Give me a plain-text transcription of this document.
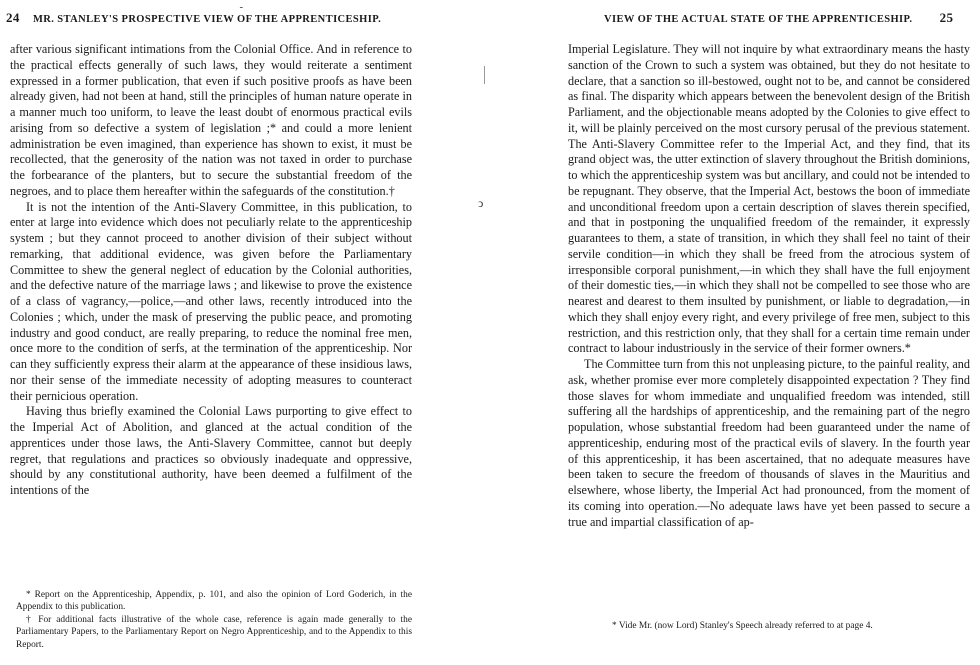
ـ
ↄ
24 MR. STANLEY'S PROSPECTIVE VIEW OF THE APPRENTICESHIP.

after various significant intimations from the Colonial Office. And in reference to the practical effects generally of such laws, they would reiterate a sentiment expressed in a former publication, that even if such positive proofs as have been already given, had not been at hand, still the principles of human nature operate in a manner much too uniform, to leave the least doubt of enormous practical evils arising from so defective a system of legislation ;* and could a more lenient administration be even imagined, than experience has shown to exist, it must be recollected, that the generosity of the nation was not taxed in order to purchase the forbearance of the planters, but to secure the substantial freedom of the negroes, and to place them hereafter within the safeguards of the constitution.†

It is not the intention of the Anti-Slavery Committee, in this publication, to enter at large into evidence which does not peculiarly relate to the apprenticeship system ; but they cannot proceed to another division of their subject without remarking, that additional evidence, was given before the Parliamentary Committee to shew the general neglect of education by the Colonial authorities, and the defective nature of the marriage laws ; and likewise to prove the existence of a class of vagrancy,—police,—and other laws, recently introduced into the Colonies ; which, under the mask of preserving the public peace, and promoting industry and good conduct, are really preparing, to reduce the nominal free men, once more to the condition of serfs, at the termination of the apprenticeship. Nor can they sufficiently express their alarm at the appearance of these insidious laws, nor their sense of the immediate necessity of adopting measures to counteract their pernicious operation.

Having thus briefly examined the Colonial Laws purporting to give effect to the Imperial Act of Abolition, and glanced at the actual condition of the apprentices under those laws, the Anti-Slavery Committee, cannot but deeply regret, that regulations and practices so obviously inadequate and oppressive, should by any constitutional authority, have been deemed a fulfilment of the intentions of the

* Report on the Apprenticeship, Appendix, p. 101, and also the opinion of Lord Goderich, in the Appendix to this publication.

† For additional facts illustrative of the whole case, reference is again made generally to the Parliamentary Papers, to the Parliamentary Report on Negro Apprenticeship, and to the Appendix to this Report.

VIEW OF THE ACTUAL STATE OF THE APPRENTICESHIP. 25

Imperial Legislature. They will not inquire by what extraordinary means the hasty sanction of the Crown to such a system was obtained, but they do not hesitate to declare, that a sanction so ill-bestowed, ought not to be, and cannot be considered as final. The disparity which appears between the benevolent design of the British Parliament, and the objectionable means adopted by the Colonies to give effect to it, will be plainly perceived on the most cursory perusal of the previous statement. The Anti-Slavery Committee refer to the Imperial Act, and they find, that its grand object was, the utter extinction of slavery throughout the British dominions, to which the apprenticeship system was but ancillary, and could not be intended to be repugnant. They observe, that the Imperial Act, bestows the boon of immediate and unconditional freedom upon a certain description of slaves therein specified, and that in postponing the unqualified freedom of the remainder, it expressly guarantees to them, a state of transition, in which they shall feel no taint of their servile condition—in which they shall be freed from the atrocious system of irresponsible corporal punishment,—in which they shall have the full enjoyment of their domestic ties,—in which they shall not be compelled to see those who are nearest and dearest to them insulted by punishment, or liable to degradation,—in which they shall enjoy every right, and every privilege of free men, subject to this restriction, and this restriction only, that they shall for a certain time remain under contract to labour industriously in the service of their former owners.*

The Committee turn from this not unpleasing picture, to the painful reality, and ask, whether promise ever more completely disappointed expectation ? They find those slaves for whom immediate and unqualified freedom was intended, still suffering all the hardships of apprenticeship, and the remaining part of the negro population, whose substantial freedom had been guaranteed under the name of apprenticeship, enduring most of the practical evils of slavery. In the fourth year of this apprenticeship, it has been ascertained, that no adequate measures have been taken to secure the freedom of thousands of slaves in the Mauritius and elsewhere, whose liberty, the Imperial Act had pronounced, from the moment of its coming into operation.—No adequate laws have yet been passed to secure a true and impartial classification of ap-

* Vide Mr. (now Lord) Stanley's Speech already referred to at page 4.
